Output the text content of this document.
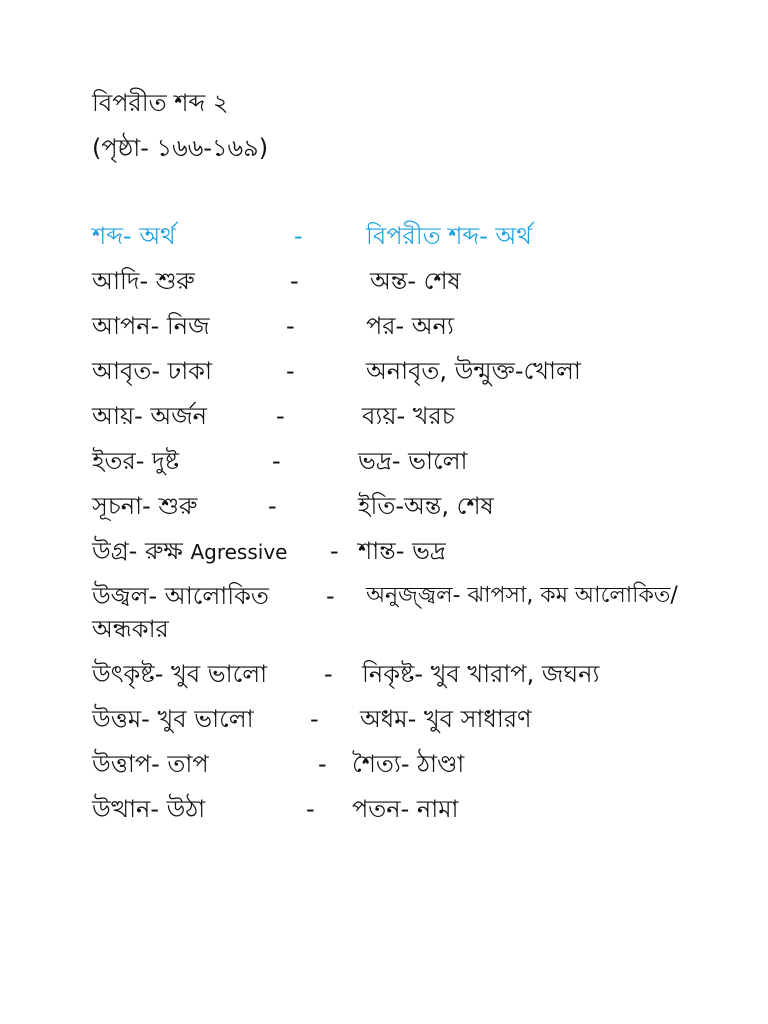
বিপরীত শব্দ ২
(পৃষ্ঠা- ১৬৬-১৬৯)
শব্দ- অর্থ	-	বিপরীত শব্দ- অর্থ
আদি- শুরু	-	অন্ত- শেষ
আপন- নিজ	-	পর- অন্য
আবৃত- ঢাকা	-	অনাবৃত, উন্মুক্ত-খোলা
আয়- অর্জন	-	ব্যয়- খরচ
ইতর- দুষ্ট	-	ভদ্র- ভালো
সূচনা- শুরু	-	ইতি-অন্ত, শেষ
উগ্র- রুক্ষ Agressive - শান্ত- ভদ্র
উজ্বল- আলোকিত - অনুজ্জ্বল- ঝাপসা, কম আলোকিত/
অন্ধকার
উৎকৃষ্ট- খুব ভালো - নিকৃষ্ট- খুব খারাপ, জঘন্য
উত্তম- খুব ভালো - অধম- খুব সাধারণ
উত্তাপ- তাপ	- শৈত্য- ঠাণ্ডা
উত্থান- উঠা	- পতন- নামা
